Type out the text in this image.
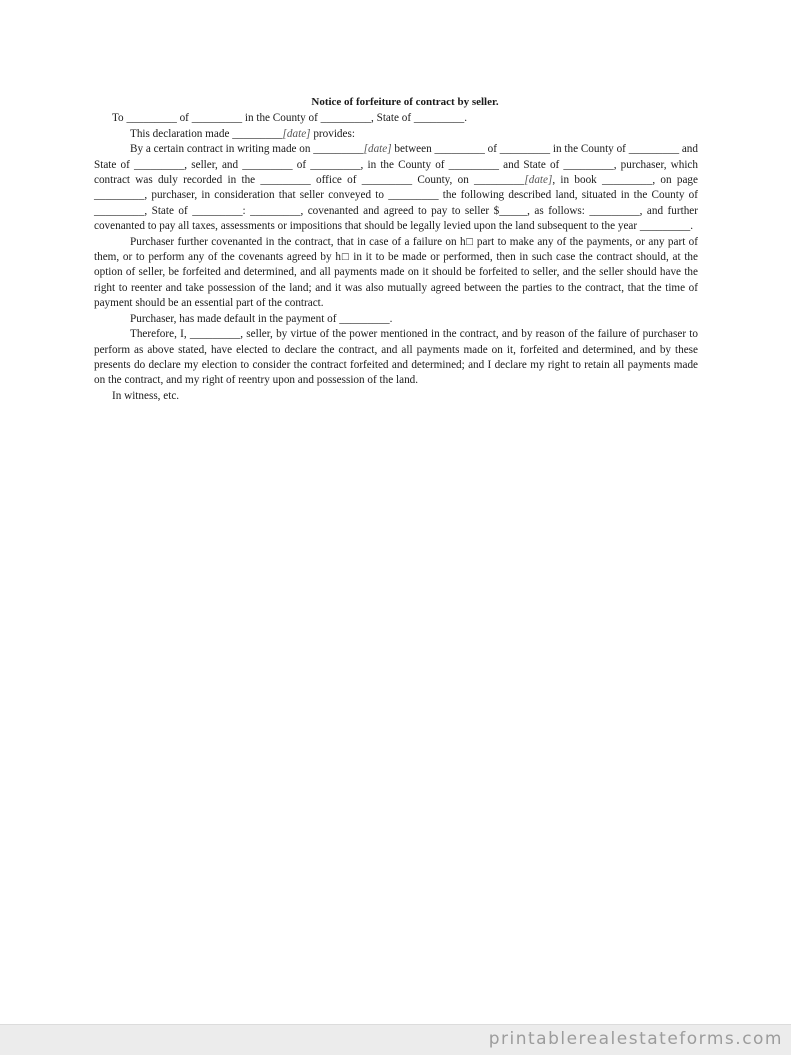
Notice of forfeiture of contract by seller.
To _________ of _________ in the County of _________, State of _________.
This declaration made _________[date] provides:
By a certain contract in writing made on _________[date] between _________ of _________ in the County of _________ and State of _________, seller, and _________ of _________, in the County of _________ and State of _________, purchaser, which contract was duly recorded in the _________ office of _________ County, on _________[date], in book _________, on page _________, purchaser, in consideration that seller conveyed to _________ the following described land, situated in the County of _________, State of _________: _________, covenanted and agreed to pay to seller $_____, as follows: _________, and further covenanted to pay all taxes, assessments or impositions that should be legally levied upon the land subsequent to the year _________.
Purchaser further covenanted in the contract, that in case of a failure on h□ part to make any of the payments, or any part of them, or to perform any of the covenants agreed by h□ in it to be made or performed, then in such case the contract should, at the option of seller, be forfeited and determined, and all payments made on it should be forfeited to seller, and the seller should have the right to reenter and take possession of the land; and it was also mutually agreed between the parties to the contract, that the time of payment should be an essential part of the contract.
Purchaser, has made default in the payment of _________.
Therefore, I, _________, seller, by virtue of the power mentioned in the contract, and by reason of the failure of purchaser to perform as above stated, have elected to declare the contract, and all payments made on it, forfeited and determined, and by these presents do declare my election to consider the contract forfeited and determined; and I declare my right to retain all payments made on the contract, and my right of reentry upon and possession of the land.
In witness, etc.
printablerealestateforms.com
